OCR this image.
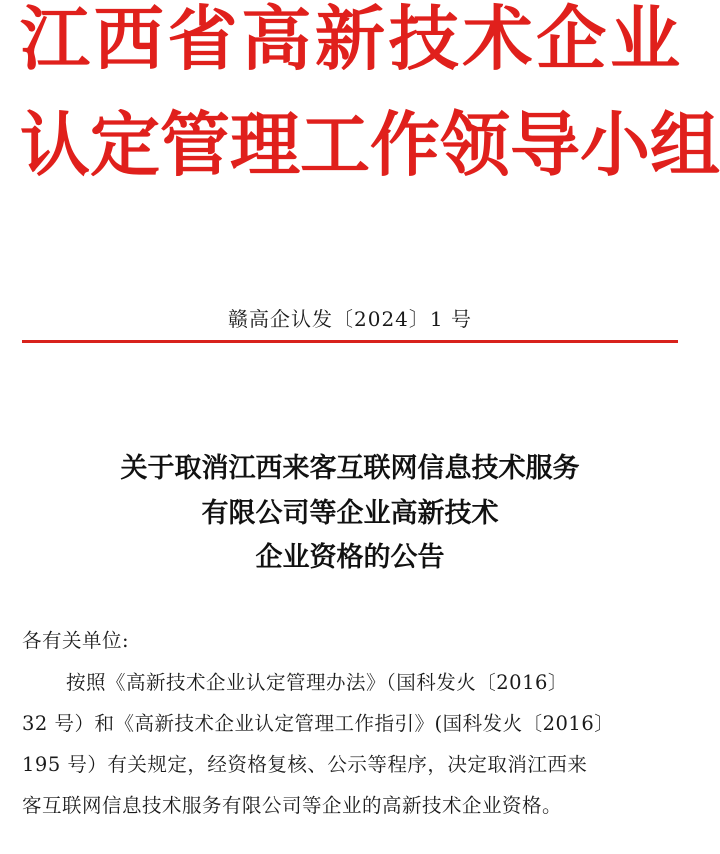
江 西 省 高 新 技 术 企 业
认 定 管 理 工 作 领 导 小 组
赣高企认发〔2024〕1 号
关于取消江西来客互联网信息技术服务
有限公司等企业高新技术
企业资格的公告
各有关单位:
按照《高新技术企业认定管理办法》（国科发火〔2016〕
32 号）和《高新技术企业认定管理工作指引》(国科发火〔2016〕
195 号）有关规定，经资格复核、公示等程序，决定取消江西来
客互联网信息技术服务有限公司等企业的高新技术企业资格。
